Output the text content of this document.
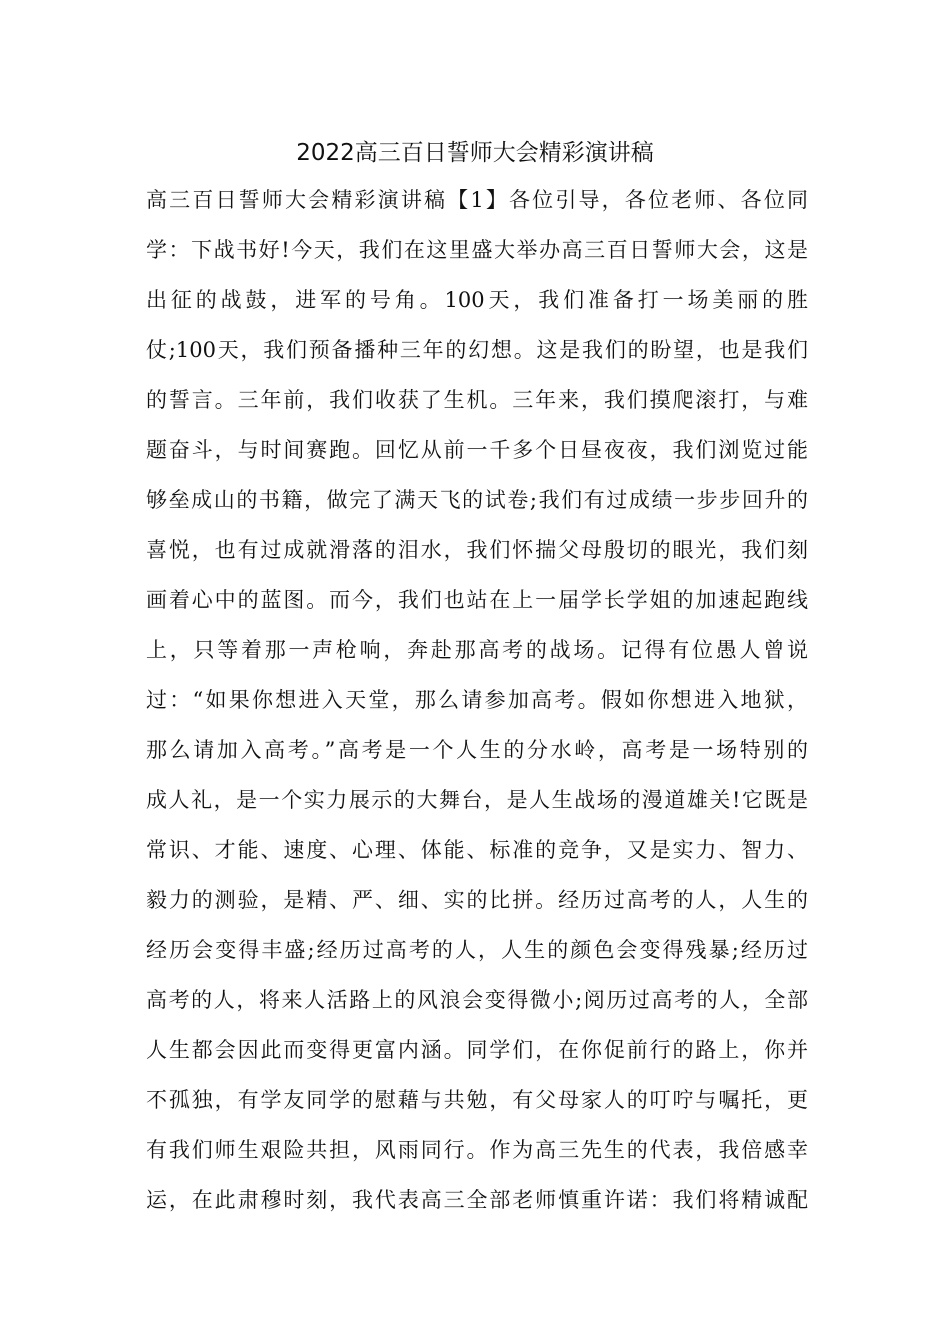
2022高三百日誓师大会精彩演讲稿
高三百日誓师大会精彩演讲稿【1】各位引导，各位老师、各位同
学：下战书好!今天，我们在这里盛大举办高三百日誓师大会，这是
出征的战鼓，进军的号角。100天，我们准备打一场美丽的胜
仗;100天，我们预备播种三年的幻想。这是我们的盼望，也是我们
的誓言。三年前，我们收获了生机。三年来，我们摸爬滚打，与难
题奋斗，与时间赛跑。回忆从前一千多个日昼夜夜，我们浏览过能
够垒成山的书籍，做完了满天飞的试卷;我们有过成绩一步步回升的
喜悦，也有过成就滑落的泪水，我们怀揣父母殷切的眼光，我们刻
画着心中的蓝图。而今，我们也站在上一届学长学姐的加速起跑线
上，只等着那一声枪响，奔赴那高考的战场。记得有位愚人曾说
过：“如果你想进入天堂，那么请参加高考。假如你想进入地狱，
那么请加入高考。”高考是一个人生的分水岭，高考是一场特别的
成人礼，是一个实力展示的大舞台，是人生战场的漫道雄关!它既是
常识、才能、速度、心理、体能、标准的竞争，又是实力、智力、
毅力的测验，是精、严、细、实的比拼。经历过高考的人，人生的
经历会变得丰盛;经历过高考的人，人生的颜色会变得残暴;经历过
高考的人，将来人活路上的风浪会变得微小;阅历过高考的人，全部
人生都会因此而变得更富内涵。同学们，在你促前行的路上，你并
不孤独，有学友同学的慰藉与共勉，有父母家人的叮咛与嘱托，更
有我们师生艰险共担，风雨同行。作为高三先生的代表，我倍感幸
运，在此肃穆时刻，我代表高三全部老师慎重许诺：我们将精诚配
